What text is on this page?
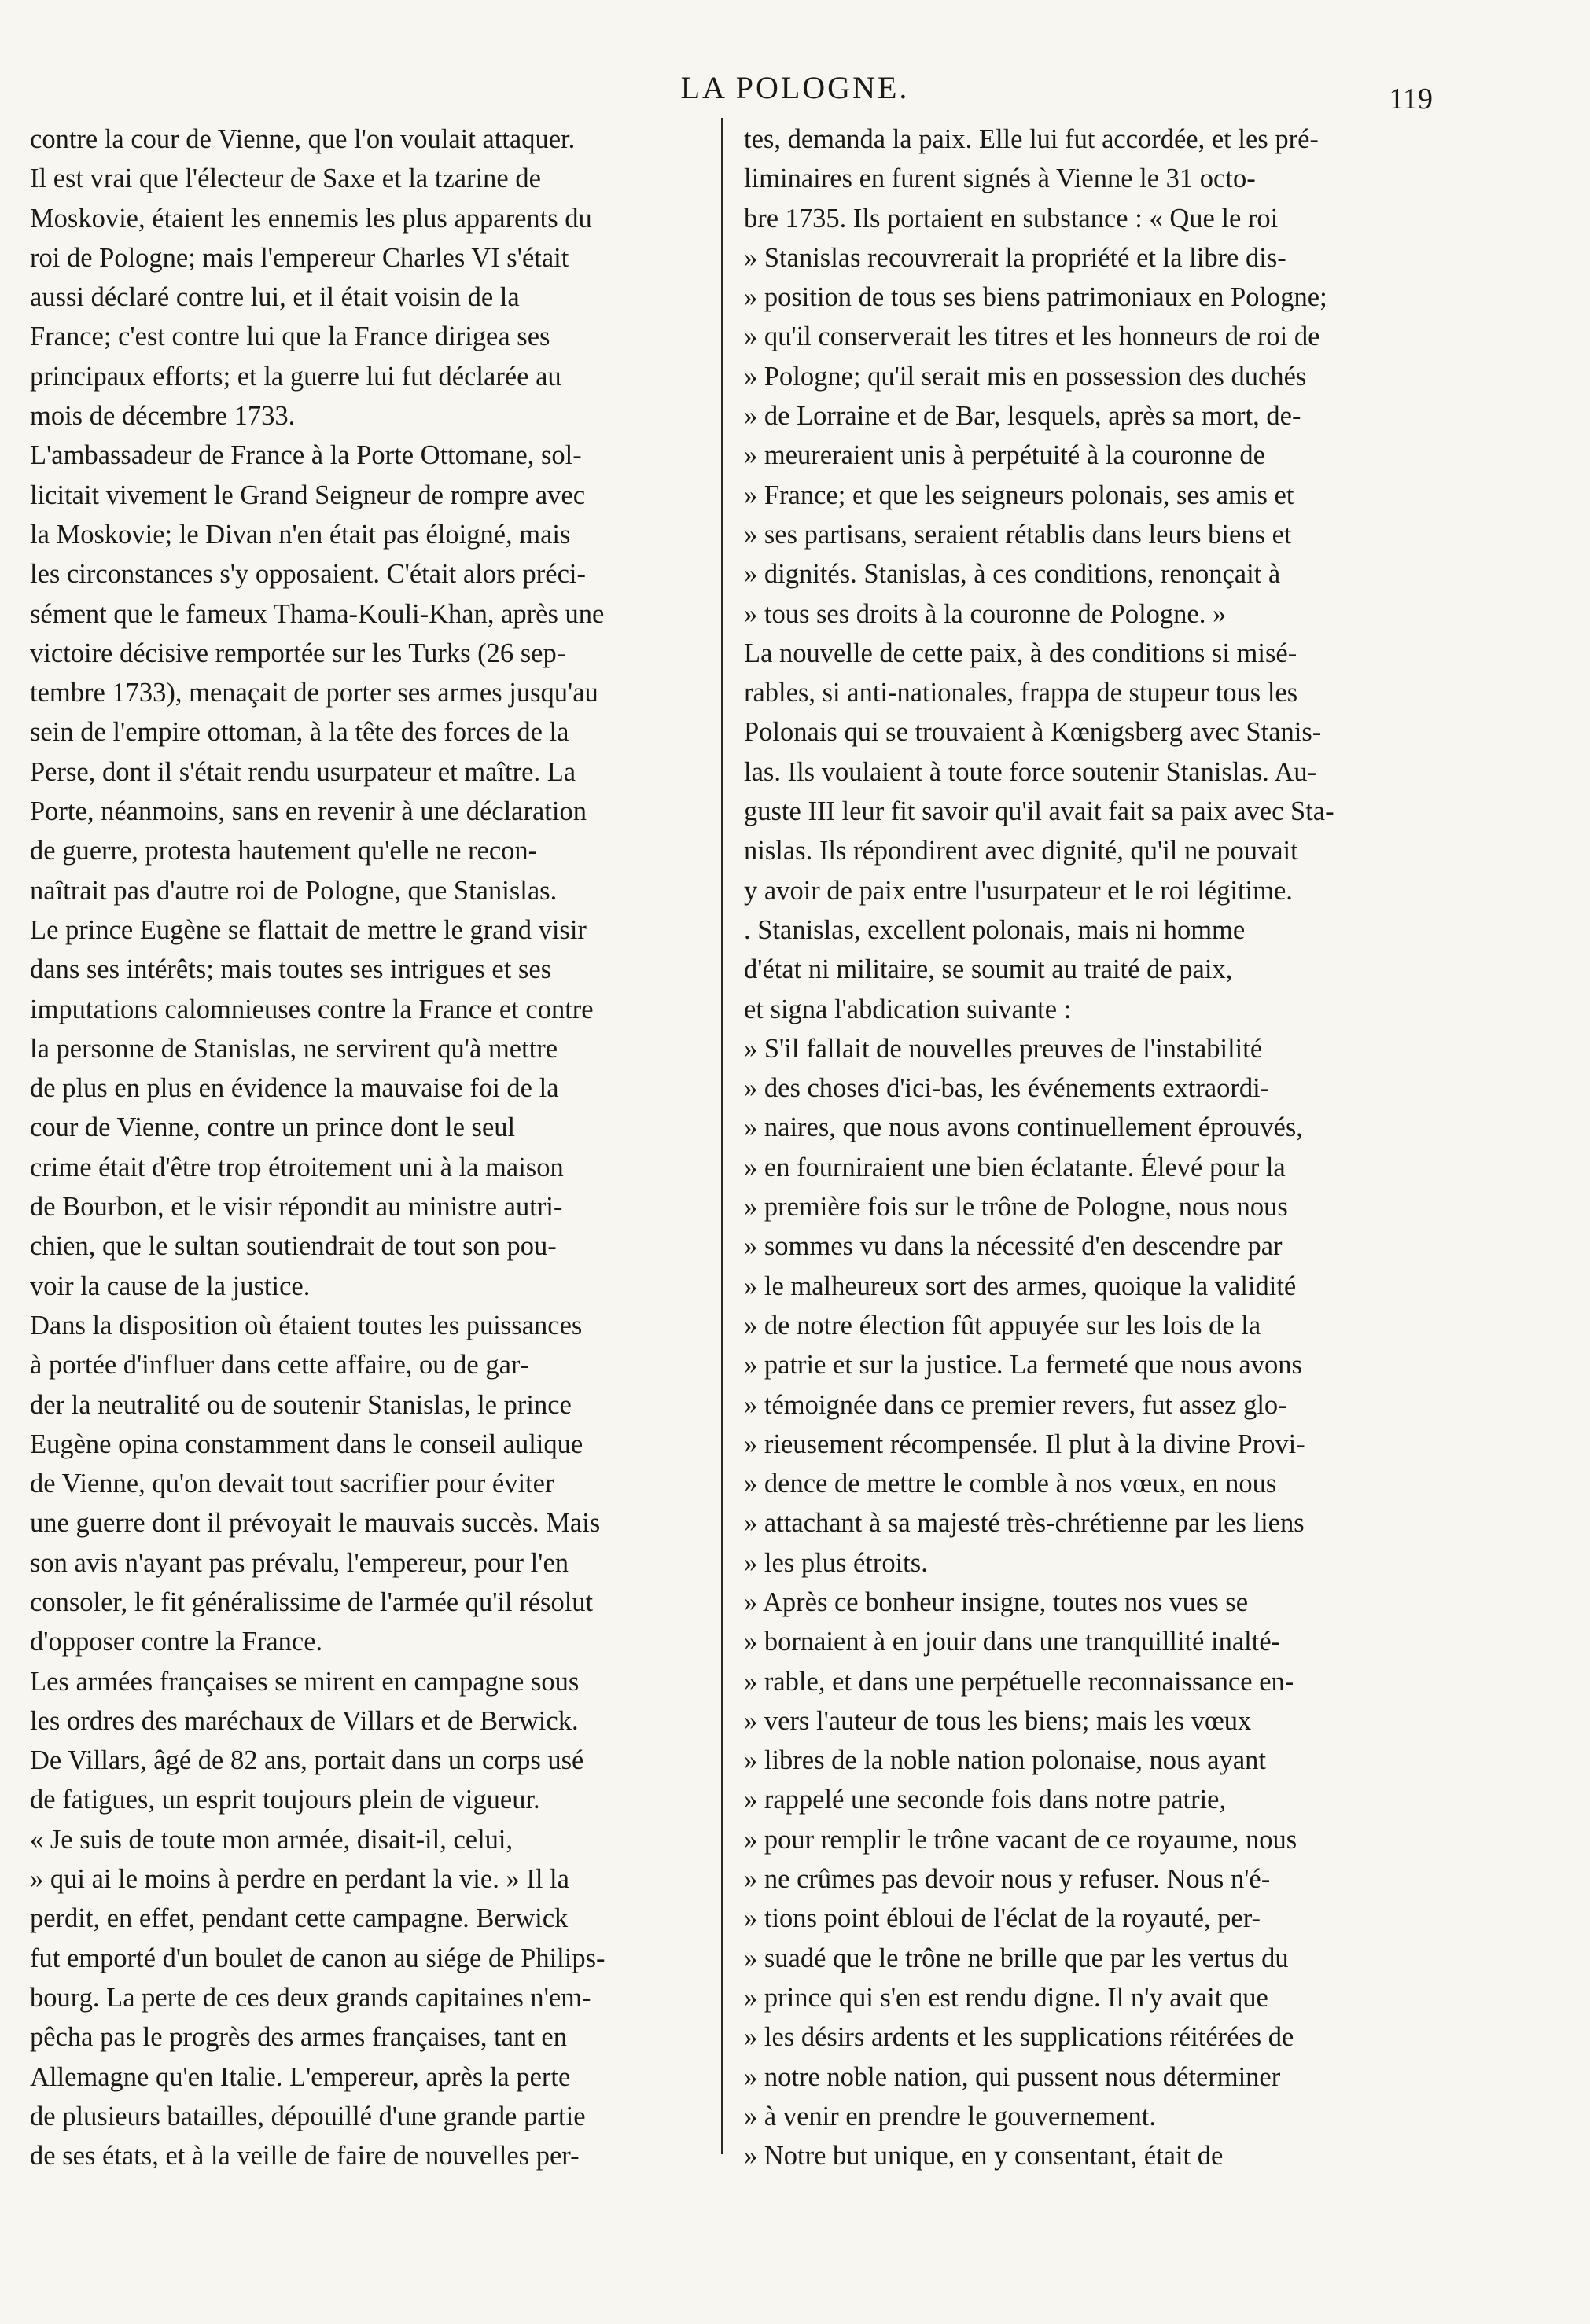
LA POLOGNE.	119
contre la cour de Vienne, que l'on voulait attaquer.
Il est vrai que l'électeur de Saxe et la tzarine de
Moskovie, étaient les ennemis les plus apparents du
roi de Pologne; mais l'empereur Charles VI s'était
aussi déclaré contre lui, et il était voisin de la
France; c'est contre lui que la France dirigea ses
principaux efforts; et la guerre lui fut déclarée au
mois de décembre 1733.
L'ambassadeur de France à la Porte Ottomane, sol-
licitait vivement le Grand Seigneur de rompre avec
la Moskovie; le Divan n'en était pas éloigné, mais
les circonstances s'y opposaient. C'était alors préci-
sément que le fameux Thama-Kouli-Khan, après une
victoire décisive remportée sur les Turks (26 sep-
tembre 1733), menaçait de porter ses armes jusqu'au
sein de l'empire ottoman, à la tête des forces de la
Perse, dont il s'était rendu usurpateur et maître. La
Porte, néanmoins, sans en revenir à une déclaration
de guerre, protesta hautement qu'elle ne recon-
naîtrait pas d'autre roi de Pologne, que Stanislas.
Le prince Eugène se flattait de mettre le grand visir
dans ses intérêts; mais toutes ses intrigues et ses
imputations calomnieuses contre la France et contre
la personne de Stanislas, ne servirent qu'à mettre
de plus en plus en évidence la mauvaise foi de la
cour de Vienne, contre un prince dont le seul
crime était d'être trop étroitement uni à la maison
de Bourbon, et le visir répondit au ministre autri-
chien, que le sultan soutiendrait de tout son pou-
voir la cause de la justice.
Dans la disposition où étaient toutes les puissances
à portée d'influer dans cette affaire, ou de gar-
der la neutralité ou de soutenir Stanislas, le prince
Eugène opina constamment dans le conseil aulique
de Vienne, qu'on devait tout sacrifier pour éviter
une guerre dont il prévoyait le mauvais succès. Mais
son avis n'ayant pas prévalu, l'empereur, pour l'en
consoler, le fit généralissime de l'armée qu'il résolut
d'opposer contre la France.
Les armées françaises se mirent en campagne sous
les ordres des maréchaux de Villars et de Berwick.
De Villars, âgé de 82 ans, portait dans un corps usé
de fatigues, un esprit toujours plein de vigueur.
« Je suis de toute mon armée, disait-il, celui,
» qui ai le moins à perdre en perdant la vie. » Il la
perdit, en effet, pendant cette campagne. Berwick
fut emporté d'un boulet de canon au siége de Philips-
bourg. La perte de ces deux grands capitaines n'em-
pêcha pas le progrès des armes françaises, tant en
Allemagne qu'en Italie. L'empereur, après la perte
de plusieurs batailles, dépouillé d'une grande partie
de ses états, et à la veille de faire de nouvelles per-
tes, demanda la paix. Elle lui fut accordée, et les pré-
liminaires en furent signés à Vienne le 31 octo-
bre 1735. Ils portaient en substance : « Que le roi
» Stanislas recouvrerait la propriété et la libre dis-
» position de tous ses biens patrimoniaux en Pologne;
» qu'il conserverait les titres et les honneurs de roi de
» Pologne; qu'il serait mis en possession des duchés
» de Lorraine et de Bar, lesquels, après sa mort, de-
» meureraient unis à perpétuité à la couronne de
» France; et que les seigneurs polonais, ses amis et
» ses partisans, seraient rétablis dans leurs biens et
» dignités. Stanislas, à ces conditions, renonçait à
» tous ses droits à la couronne de Pologne. »
La nouvelle de cette paix, à des conditions si misé-
rables, si anti-nationales, frappa de stupeur tous les
Polonais qui se trouvaient à Kœnigsberg avec Stanis-
las. Ils voulaient à toute force soutenir Stanislas. Au-
guste III leur fit savoir qu'il avait fait sa paix avec Sta-
nislas. Ils répondirent avec dignité, qu'il ne pouvait
y avoir de paix entre l'usurpateur et le roi légitime.
. Stanislas, excellent polonais, mais ni homme
d'état ni militaire, se soumit au traité de paix,
et signa l'abdication suivante :
» S'il fallait de nouvelles preuves de l'instabilité
» des choses d'ici-bas, les événements extraordi-
» naires, que nous avons continuellement éprouvés,
» en fourniraient une bien éclatante. Élevé pour la
» première fois sur le trône de Pologne, nous nous
» sommes vu dans la nécessité d'en descendre par
» le malheureux sort des armes, quoique la validité
» de notre élection fût appuyée sur les lois de la
» patrie et sur la justice. La fermeté que nous avons
» témoignée dans ce premier revers, fut assez glo-
» rieusement récompensée. Il plut à la divine Provi-
» dence de mettre le comble à nos vœux, en nous
» attachant à sa majesté très-chrétienne par les liens
» les plus étroits.
» Après ce bonheur insigne, toutes nos vues se
» bornaient à en jouir dans une tranquillité inalté-
» rable, et dans une perpétuelle reconnaissance en-
» vers l'auteur de tous les biens; mais les vœux
» libres de la noble nation polonaise, nous ayant
» rappelé une seconde fois dans notre patrie,
» pour remplir le trône vacant de ce royaume, nous
» ne crûmes pas devoir nous y refuser. Nous n'é-
» tions point ébloui de l'éclat de la royauté, per-
» suadé que le trône ne brille que par les vertus du
» prince qui s'en est rendu digne. Il n'y avait que
» les désirs ardents et les supplications réitérées de
» notre noble nation, qui pussent nous déterminer
» à venir en prendre le gouvernement.
» Notre but unique, en y consentant, était de
